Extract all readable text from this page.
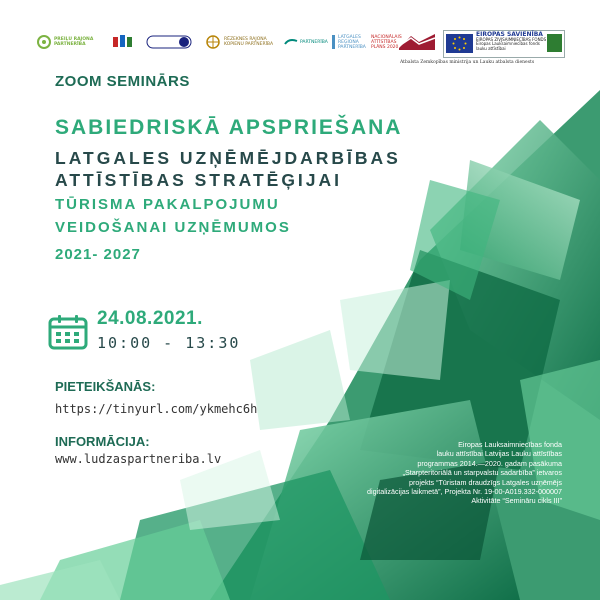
PREIĻU RAJONA
PARTNERĪBA
RĒZEKNES RAJONA
KOPIENU PARTNERĪBA	PARTNERĪBA
LATGALES
REĢIONA
PARTNERĪBA
NACIONĀLAIS
ATTĪSTĪBAS
PLĀNS 2020
EIROPAS SAVIENĪBA
EIROPAS ZIVJSAIMNIECĪBAS FONDS
Eiropas Lauksaimniecības fonds
lauku attīstībai
Atbalsta Zemkopības ministrija un Lauku atbalsta dienests
ZOOM SEMINĀRS
SABIEDRISKĀ APSPRIEŠANA
LATGALES UZŅĒMĒJDARBĪBAS
ATTĪSTĪBAS STRATĒĢIJAI
TŪRISMA PAKALPOJUMU
VEIDOŠANAI UZŅĒMUMOS
2021- 2027
24.08.2021.
10:00 - 13:30
PIETEIKŠANĀS:
https://tinyurl.com/ykmehc6h
INFORMĀCIJA:
www.ludzaspartneriba.lv
Eiropas Lauksaimniecības fonda
lauku attīstībai Latvijas Lauku attīstības
programmas 2014.—2020. gadam pasākuma
„Starpteritoriālā un starpvalstu sadarbība” ietvaros
projekts “Tūristam draudzīgs Latgales uzņēmējs
digitalizācijas laikmetā”, Projekta Nr. 19-00-A019.332-000007
Aktivitāte “Semināru cikls III”
